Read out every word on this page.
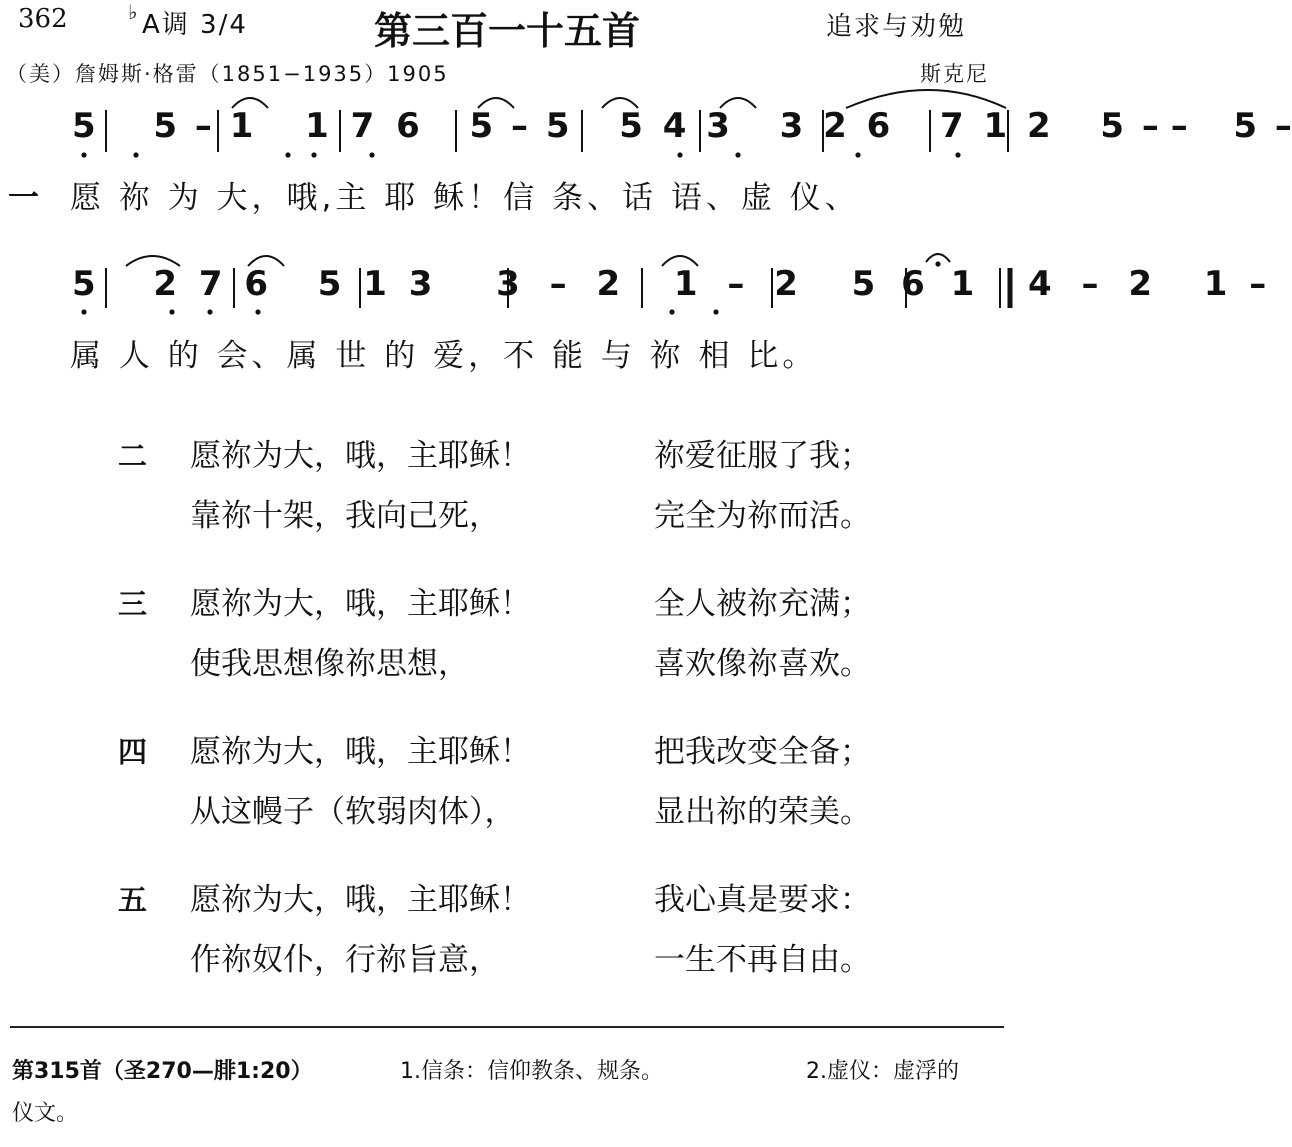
362	♭ A调 3/4	第三百一十五首	追求与劝勉
（美）詹姆斯·格雷（1851−1935）1905	斯克尼
5 5 – 1 1 7 6 5 – 5 5 4 3 3 2 6 7 1 2 5 – – 5 –
一 愿 祢 为 大，哦,主 耶 稣！信 条、话 语、虚 仪、
5 2 7 6 5 1 3 3 – 2 1 – 2 5 6 1 4 – 2 1 –
属 人 的 会、属 世 的 爱，不 能 与 祢 相 比。
二 愿祢为大，哦，主耶稣！	祢爱征服了我；
靠祢十架，我向己死，	完全为祢而活。
三 愿祢为大，哦，主耶稣！	全人被祢充满；
使我思想像祢思想，	喜欢像祢喜欢。
四 愿祢为大，哦，主耶稣！	把我改变全备；
从这幔子（软弱肉体），	显出祢的荣美。
五 愿祢为大，哦，主耶稣！	我心真是要求：
作祢奴仆，行祢旨意，	一生不再自由。
第315首（圣270—腓1:20）	1.信条：信仰教条、规条。	2.虚仪：虚浮的
仪文。
